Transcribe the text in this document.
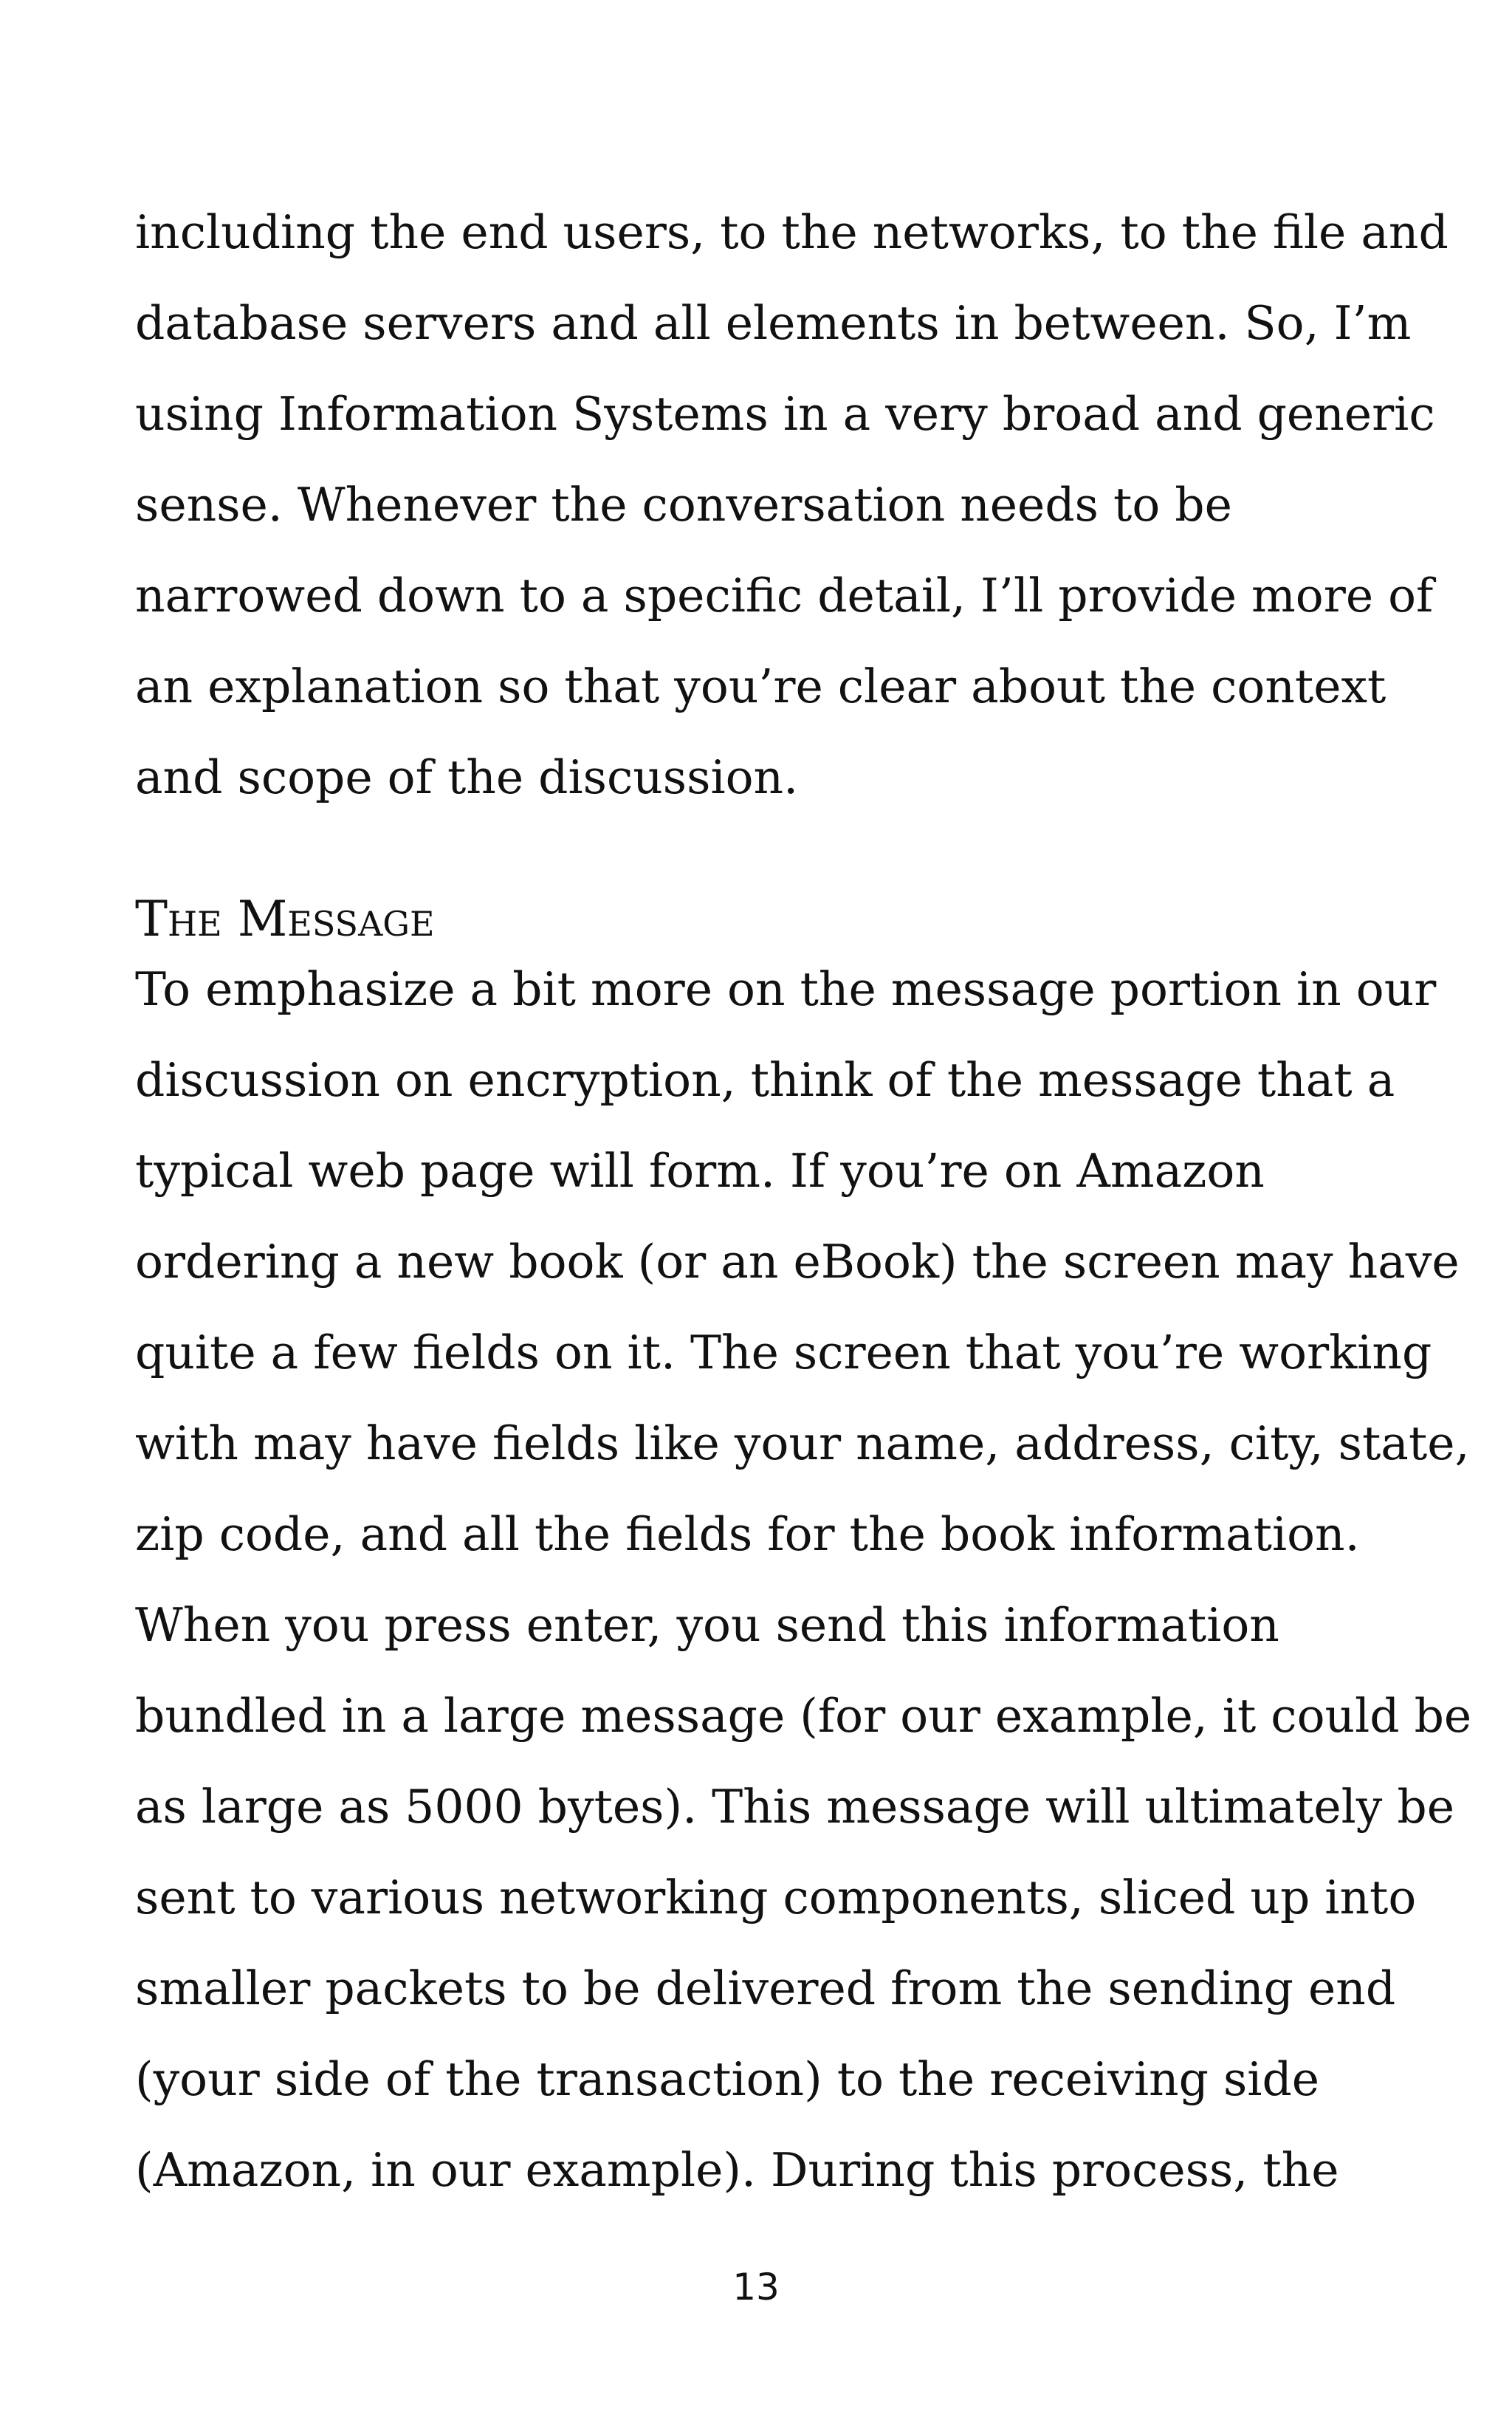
including the end users, to the networks, to the file and
database servers and all elements in between. So, I’m
using Information Systems in a very broad and generic
sense. Whenever the conversation needs to be
narrowed down to a specific detail, I’ll provide more of
an explanation so that you’re clear about the context
and scope of the discussion.
The Message
To emphasize a bit more on the message portion in our
discussion on encryption, think of the message that a
typical web page will form. If you’re on Amazon
ordering a new book (or an eBook) the screen may have
quite a few fields on it. The screen that you’re working
with may have fields like your name, address, city, state,
zip code, and all the fields for the book information.
When you press enter, you send this information
bundled in a large message (for our example, it could be
as large as 5000 bytes). This message will ultimately be
sent to various networking components, sliced up into
smaller packets to be delivered from the sending end
(your side of the transaction) to the receiving side
(Amazon, in our example). During this process, the
13
